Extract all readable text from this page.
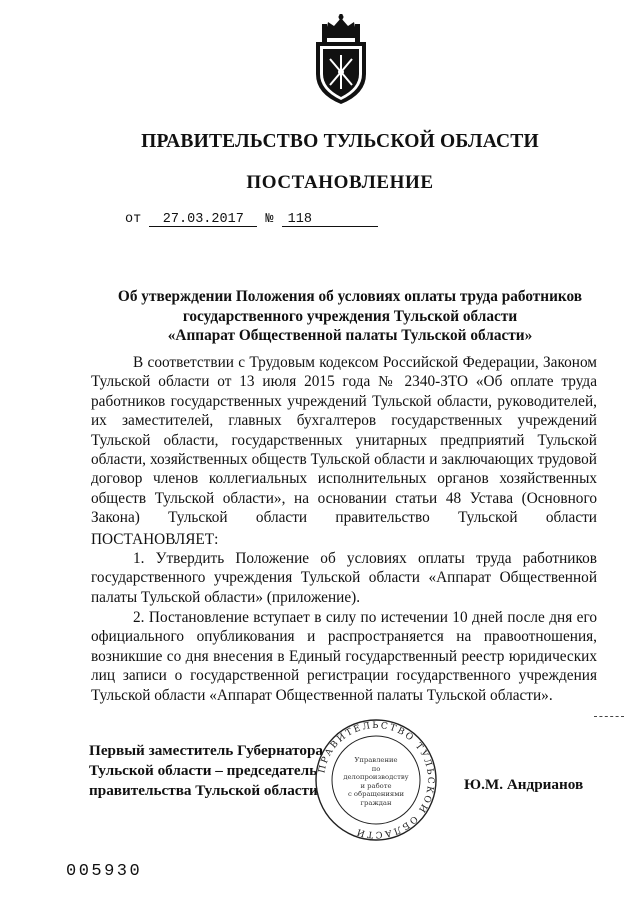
ПРАВИТЕЛЬСТВО ТУЛЬСКОЙ ОБЛАСТИ
ПОСТАНОВЛЕНИЕ
от 27.03.2017 № 118
Об утверждении Положения об условиях оплаты труда работников
государственного учреждения Тульской области
«Аппарат Общественной палаты Тульской области»
В соответствии с Трудовым кодексом Российской Федерации, Законом Тульской области от 13 июля 2015 года № 2340-ЗТО «Об оплате труда работников государственных учреждений Тульской области, руководителей, их заместителей, главных бухгалтеров государственных учреждений Тульской области, государственных унитарных предприятий Тульской области, хозяйственных обществ Тульской области и заключающих трудовой договор членов коллегиальных исполнительных органов хозяйственных обществ Тульской области», на основании статьи 48 Устава (Основного Закона) Тульской области правительство Тульской области
ПОСТАНОВЛЯЕТ:
1. Утвердить Положение об условиях оплаты труда работников государственного учреждения Тульской области «Аппарат Общественной палаты Тульской области» (приложение).
2. Постановление вступает в силу по истечении 10 дней после дня его официального опубликования и распространяется на правоотношения, возникшие со дня внесения в Единый государственный реестр юридических лиц записи о государственной регистрации государственного учреждения Тульской области «Аппарат Общественной палаты Тульской области».
Первый заместитель Губернатора
Тульской области – председатель
правительства Тульской области	Ю.М. Андрианов
ПРАВИТЕЛЬСТВО ТУЛЬСКОЙ ОБЛАСТИ
Управление
по делопроизводству
и работе
с обращениями
граждан
005930
